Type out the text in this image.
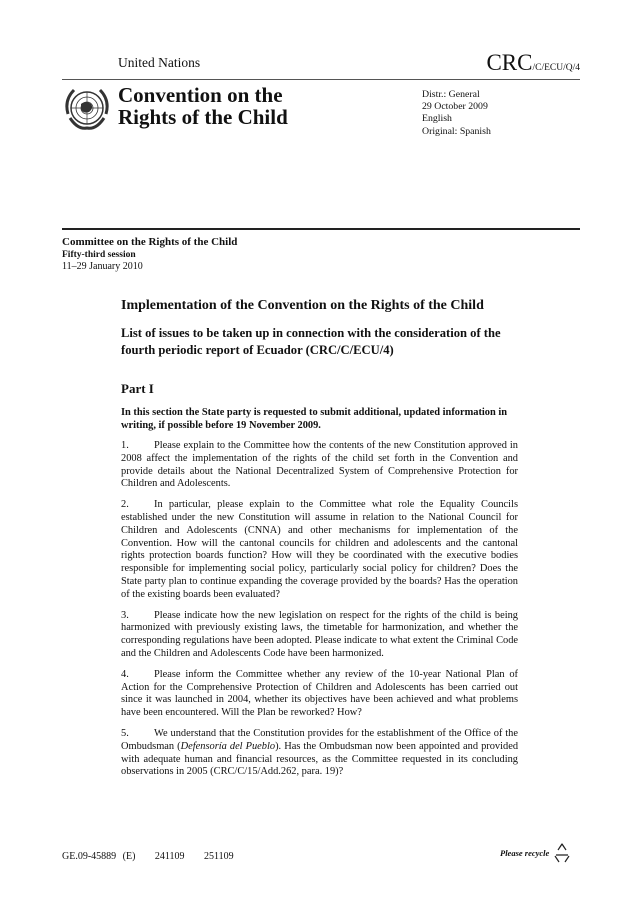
United Nations	CRC/C/ECU/Q/4
Convention on the
Rights of the Child
Distr.: General
29 October 2009
English
Original: Spanish
Committee on the Rights of the Child
Fifty-third session
11–29 January 2010
Implementation of the Convention on the Rights of the Child
List of issues to be taken up in connection with the consideration of the fourth periodic report of Ecuador (CRC/C/ECU/4)
Part I
In this section the State party is requested to submit additional, updated information in writing, if possible before 19 November 2009.

1. Please explain to the Committee how the contents of the new Constitution approved in 2008 affect the implementation of the rights of the child set forth in the Convention and provide details about the National Decentralized System of Comprehensive Protection for Children and Adolescents.

2. In particular, please explain to the Committee what role the Equality Councils established under the new Constitution will assume in relation to the National Council for Children and Adolescents (CNNA) and other mechanisms for implementation of the Convention. How will the cantonal councils for children and adolescents and the cantonal rights protection boards function? How will they be coordinated with the executive bodies responsible for implementing social policy, particularly social policy for children? Does the State party plan to continue expanding the coverage provided by the boards? Has the operation of the existing boards been evaluated?

3. Please indicate how the new legislation on respect for the rights of the child is being harmonized with previously existing laws, the timetable for harmonization, and whether the corresponding regulations have been adopted. Please indicate to what extent the Criminal Code and the Children and Adolescents Code have been harmonized.

4. Please inform the Committee whether any review of the 10-year National Plan of Action for the Comprehensive Protection of Children and Adolescents has been carried out since it was launched in 2004, whether its objectives have been achieved and what problems have been encountered. Will the Plan be reworked? How?

5. We understand that the Constitution provides for the establishment of the Office of the Ombudsman (Defensoría del Pueblo). Has the Ombudsman now been appointed and provided with adequate human and financial resources, as the Committee requested in its concluding observations in 2005 (CRC/C/15/Add.262, para. 19)?

GE.09-45889 (E)   241109   251109	Please recycle
